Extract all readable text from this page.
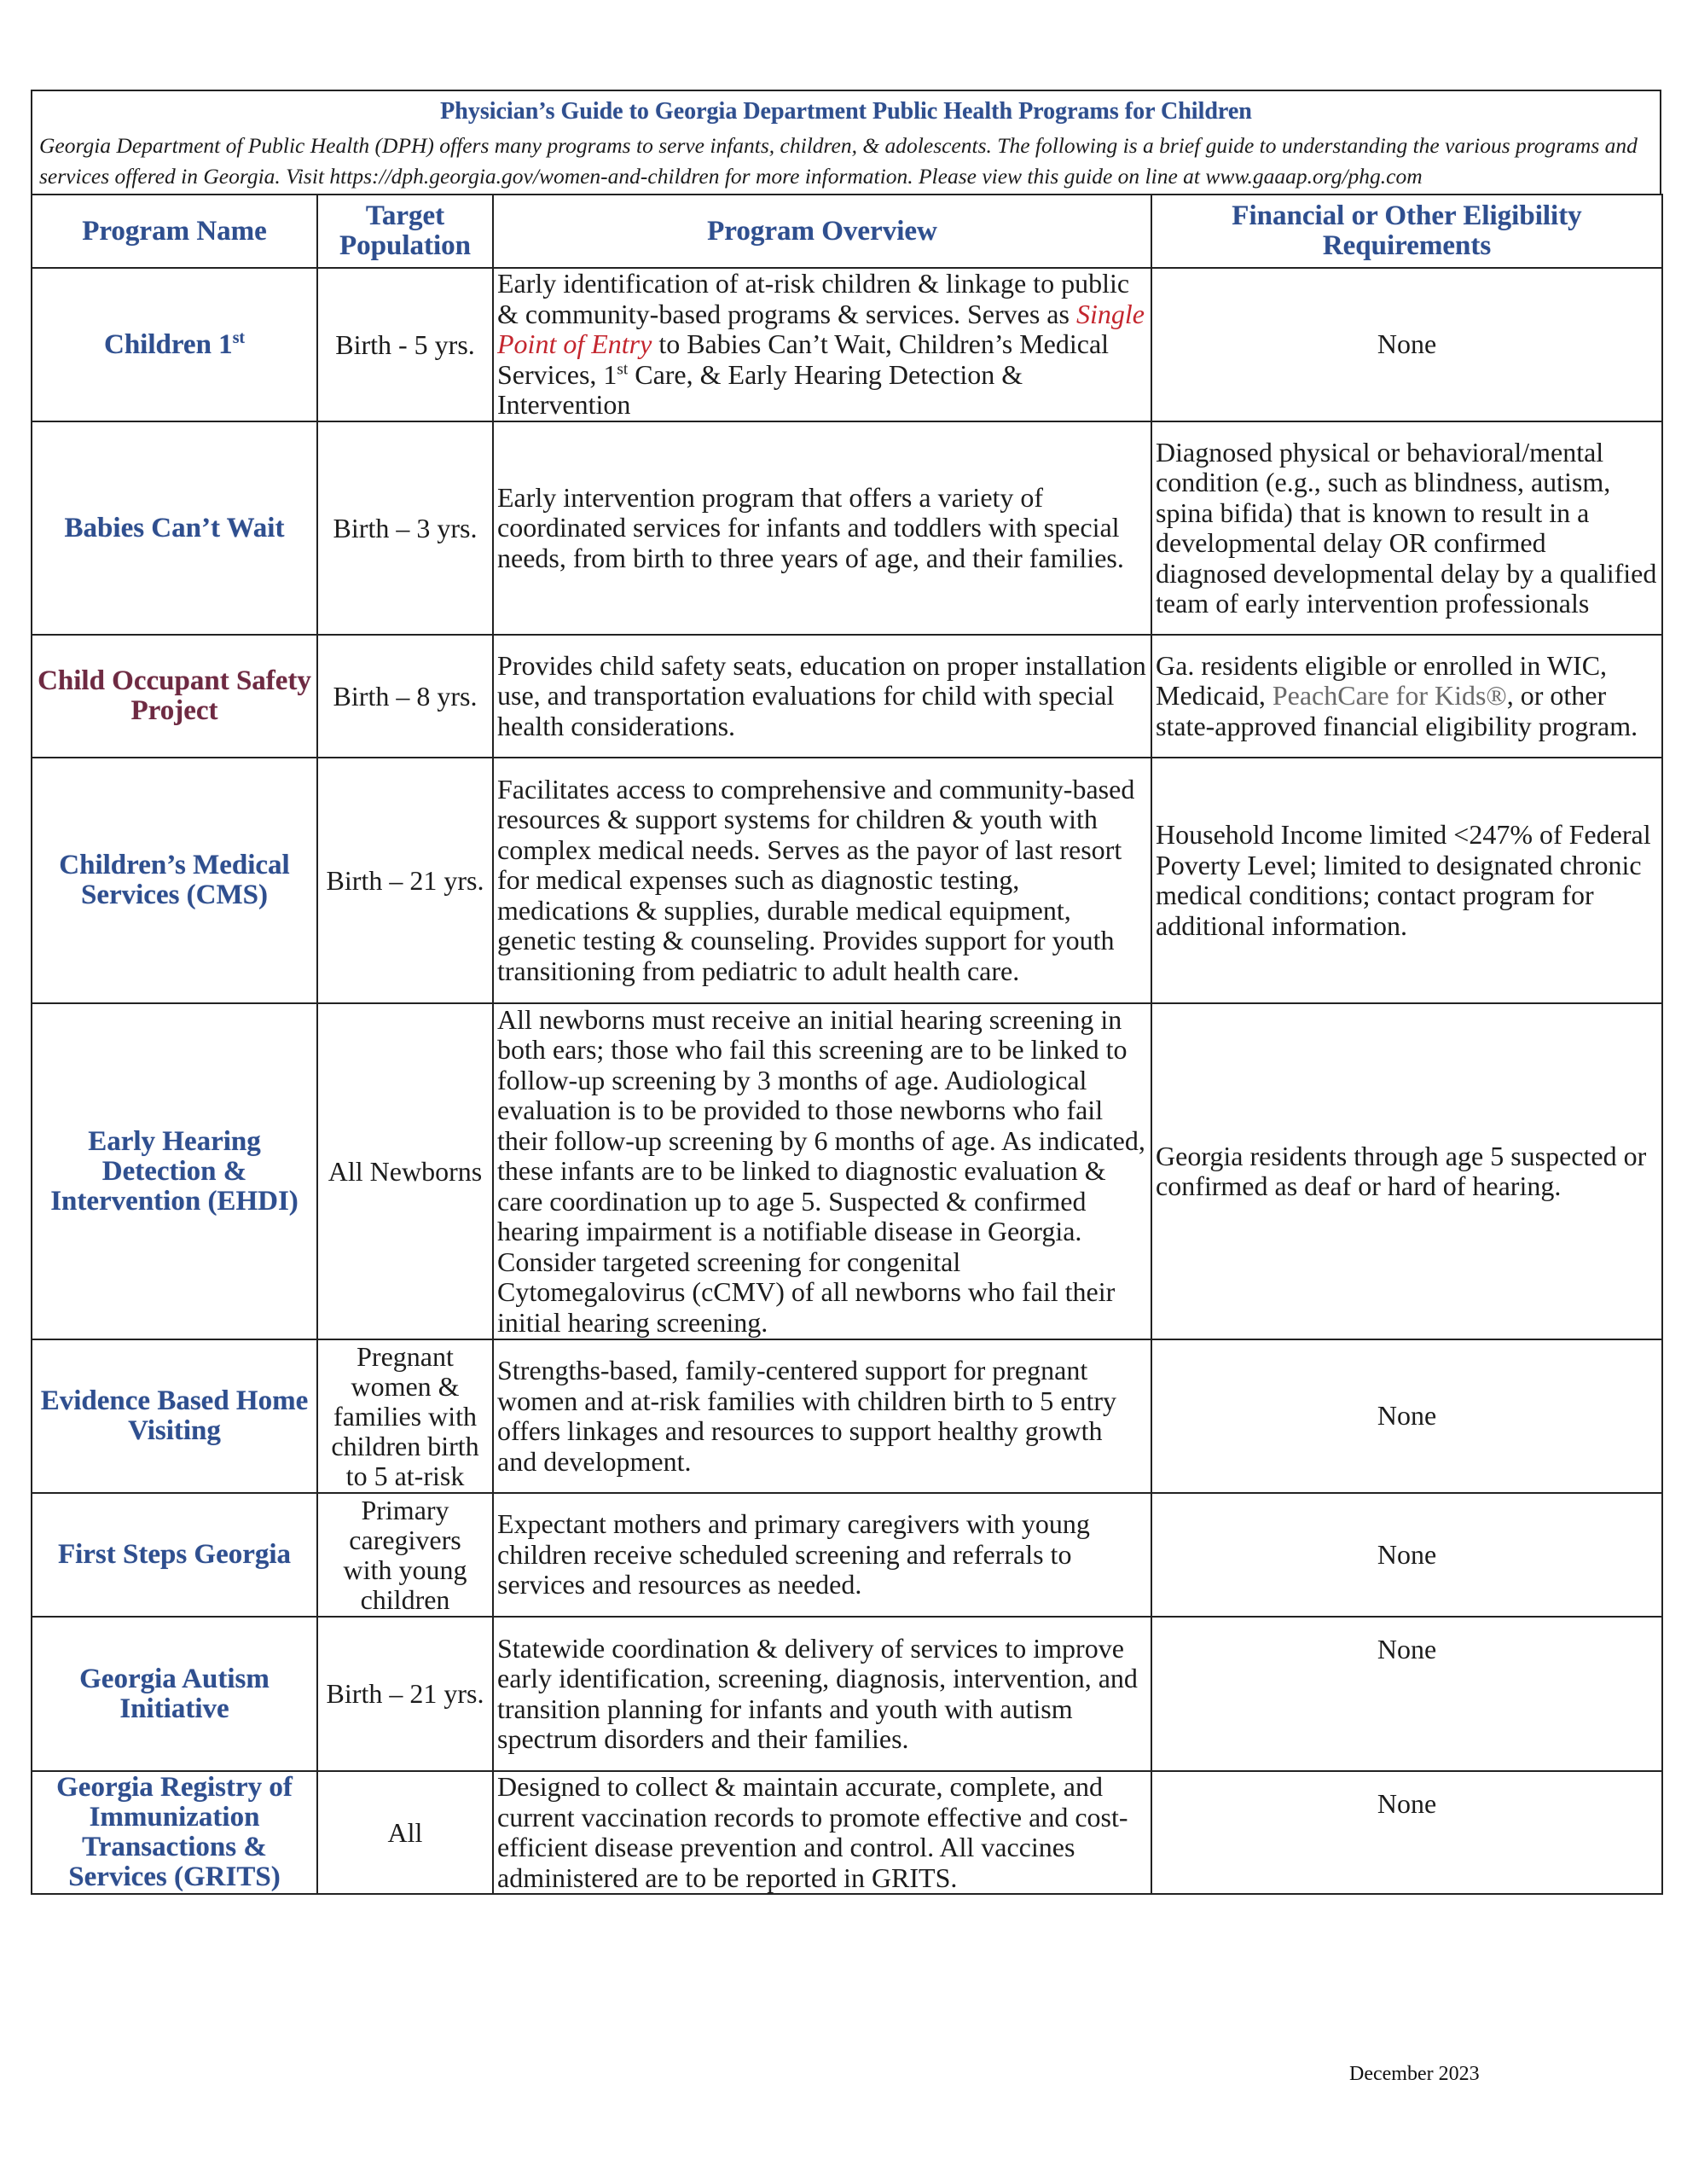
Physician’s Guide to Georgia Department Public Health Programs for Children
Georgia Department of Public Health (DPH) offers many programs to serve infants, children, & adolescents. The following is a brief guide to understanding the various programs and services offered in Georgia. Visit https://dph.georgia.gov/women-and-children for more information. Please view this guide on line at www.gaaap.org/phg.com
Program Name	Target Population	Program Overview	Financial or Other Eligibility Requirements
Children 1st	Birth - 5 yrs.	Early identification of at-risk children & linkage to public & community-based programs & services. Serves as Single Point of Entry to Babies Can’t Wait, Children’s Medical Services, 1st Care, & Early Hearing Detection & Intervention	None
Babies Can’t Wait	Birth – 3 yrs.	Early intervention program that offers a variety of coordinated services for infants and toddlers with special needs, from birth to three years of age, and their families.	Diagnosed physical or behavioral/mental condition (e.g., such as blindness, autism, spina bifida) that is known to result in a developmental delay OR confirmed diagnosed developmental delay by a qualified team of early intervention professionals
Child Occupant Safety Project	Birth – 8 yrs.	Provides child safety seats, education on proper installation use, and transportation evaluations for child with special health considerations.	Ga. residents eligible or enrolled in WIC, Medicaid, PeachCare for Kids®, or other state-approved financial eligibility program.
Children’s Medical Services (CMS)	Birth – 21 yrs.	Facilitates access to comprehensive and community-based resources & support systems for children & youth with complex medical needs. Serves as the payor of last resort for medical expenses such as diagnostic testing, medications & supplies, durable medical equipment, genetic testing & counseling. Provides support for youth transitioning from pediatric to adult health care.	Household Income limited <247% of Federal Poverty Level; limited to designated chronic medical conditions; contact program for additional information.
Early Hearing Detection & Intervention (EHDI)	All Newborns	All newborns must receive an initial hearing screening in both ears; those who fail this screening are to be linked to follow-up screening by 3 months of age. Audiological evaluation is to be provided to those newborns who fail their follow-up screening by 6 months of age. As indicated, these infants are to be linked to diagnostic evaluation & care coordination up to age 5. Suspected & confirmed hearing impairment is a notifiable disease in Georgia. Consider targeted screening for congenital Cytomegalovirus (cCMV) of all newborns who fail their initial hearing screening.	Georgia residents through age 5 suspected or confirmed as deaf or hard of hearing.
Evidence Based Home Visiting	Pregnant women & families with children birth to 5 at-risk	Strengths-based, family-centered support for pregnant women and at-risk families with children birth to 5 entry offers linkages and resources to support healthy growth and development.	None
First Steps Georgia	Primary caregivers with young children	Expectant mothers and primary caregivers with young children receive scheduled screening and referrals to services and resources as needed.	None
Georgia Autism Initiative	Birth – 21 yrs.	Statewide coordination & delivery of services to improve early identification, screening, diagnosis, intervention, and transition planning for infants and youth with autism spectrum disorders and their families.	None
Georgia Registry of Immunization Transactions & Services (GRITS)	All	Designed to collect & maintain accurate, complete, and current vaccination records to promote effective and cost-efficient disease prevention and control. All vaccines administered are to be reported in GRITS.	None
December 2023
